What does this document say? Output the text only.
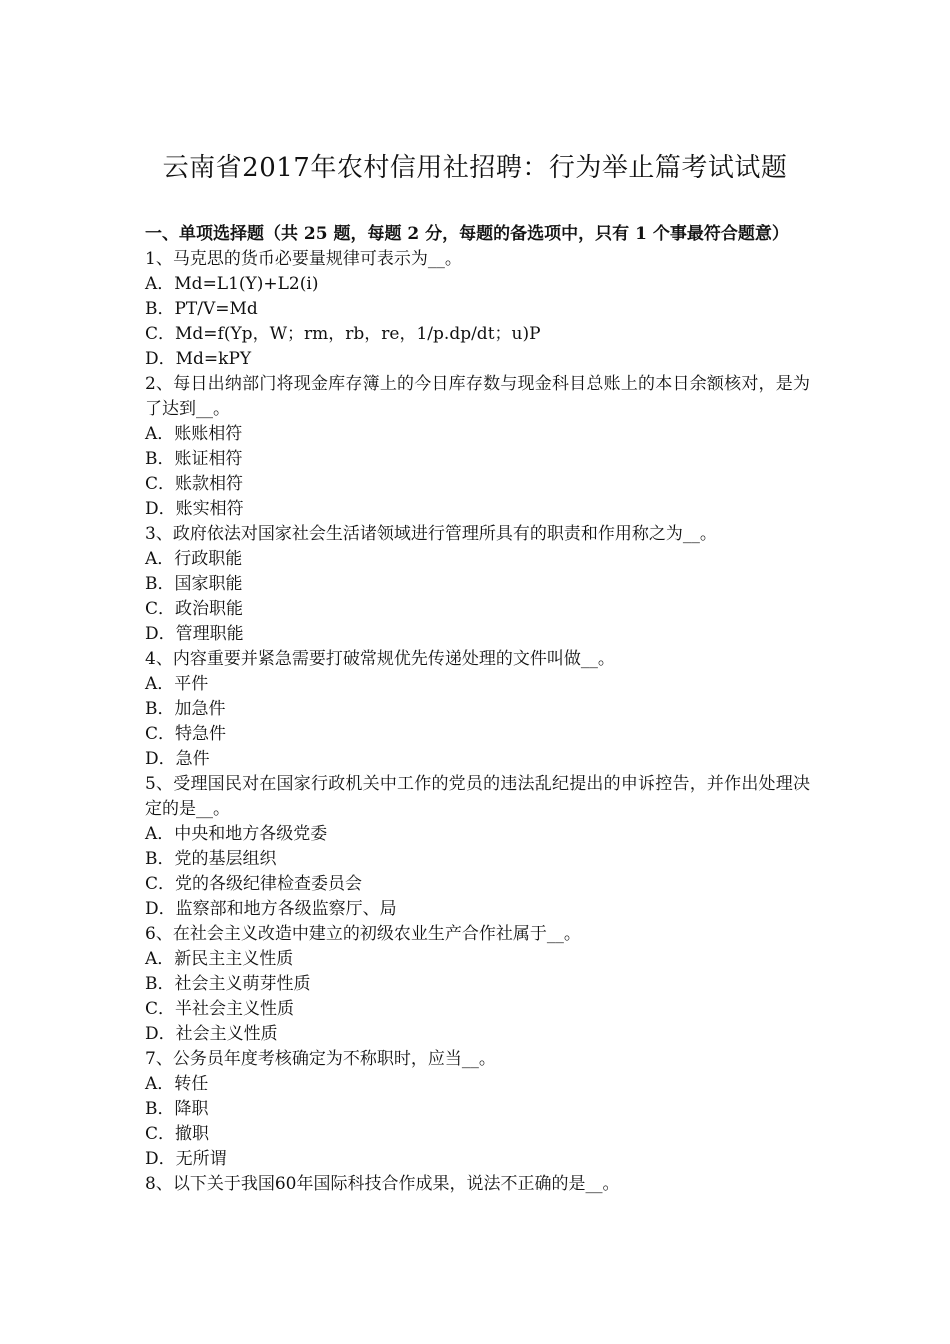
云南省2017年农村信用社招聘：行为举止篇考试试题

一、单项选择题（共 25 题，每题 2 分，每题的备选项中，只有 1 个事最符合题意）

1、马克思的货币必要量规律可表示为__。

A．Md=L1(Y)+L2(i)

B．PT/V=Md

C．Md=f(Yp，W；rm，rb，re，1/p.dp/dt；u)P

D．Md=kPY

2、每日出纳部门将现金库存簿上的今日库存数与现金科目总账上的本日余额核对，是为了达到__。

A．账账相符

B．账证相符

C．账款相符

D．账实相符

3、政府依法对国家社会生活诸领域进行管理所具有的职责和作用称之为__。

A．行政职能

B．国家职能

C．政治职能

D．管理职能

4、内容重要并紧急需要打破常规优先传递处理的文件叫做__。

A．平件

B．加急件

C．特急件

D．急件

5、受理国民对在国家行政机关中工作的党员的违法乱纪提出的申诉控告，并作出处理决定的是__。

A．中央和地方各级党委

B．党的基层组织

C．党的各级纪律检查委员会

D．监察部和地方各级监察厅、局

6、在社会主义改造中建立的初级农业生产合作社属于__。

A．新民主主义性质

B．社会主义萌芽性质

C．半社会主义性质

D．社会主义性质

7、公务员年度考核确定为不称职时，应当__。

A．转任

B．降职

C．撤职

D．无所谓

8、以下关于我国60年国际科技合作成果，说法不正确的是__。
